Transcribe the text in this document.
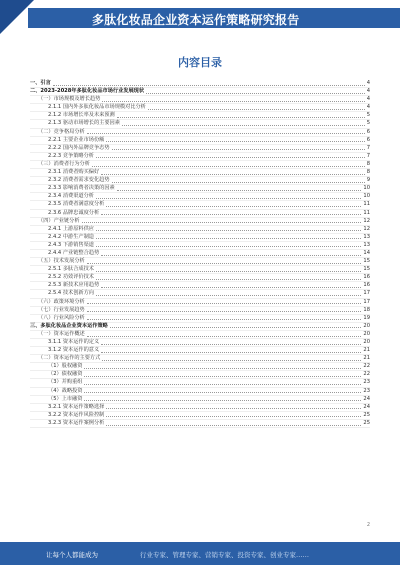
多肽化妆品企业资本运作策略研究报告
内容目录
一、引言	4
二、2023-2028年多肽化妆品市场行业发展现状	4
（一）市场规模及增长趋势	4
2.1.1 国内外多肽化妆品市场规模对比分析	4
2.1.2 市场增长率及未来预测	5
2.1.3 驱动市场增长的主要因素	5
（二）竞争格局分析	6
2.2.1 主要企业市场份额	6
2.2.2 国内外品牌竞争态势	7
2.2.3 竞争策略分析	7
（三）消费者行为分析	8
2.3.1 消费者购买偏好	8
2.3.2 消费者需求变化趋势	9
2.3.3 影响消费者决策的因素	10
2.3.4 消费渠道分析	10
2.3.5 消费者满意度分析	11
2.3.6 品牌忠诚度分析	11
（四）产业链分析	12
2.4.1 上游原料供应	12
2.4.2 中游生产制造	13
2.4.3 下游销售渠道	13
2.4.4 产业链整合趋势	14
（五）技术发展分析	15
2.5.1 多肽合成技术	15
2.5.2 功效评价技术	16
2.5.3 新技术应用趋势	16
2.5.4 技术创新方向	17
（六）政策环境分析	17
（七）行业发展趋势	18
（八）行业风险分析	19
三、多肽化妆品企业资本运作策略	20
（一）资本运作概述	20
3.1.1 资本运作的定义	20
3.1.2 资本运作的意义	21
（二）资本运作的主要方式	21
（1）股权融资	22
（2）债权融资	22
（3）并购重组	23
（4）战略投资	23
（5）上市融资	24
3.2.1 资本运作策略选择	24
3.2.2 资本运作风险控制	25
3.2.3 资本运作案例分析	25
2
让每个人都能成为	行业专家、管理专家、营销专家、投资专家、创业专家……
